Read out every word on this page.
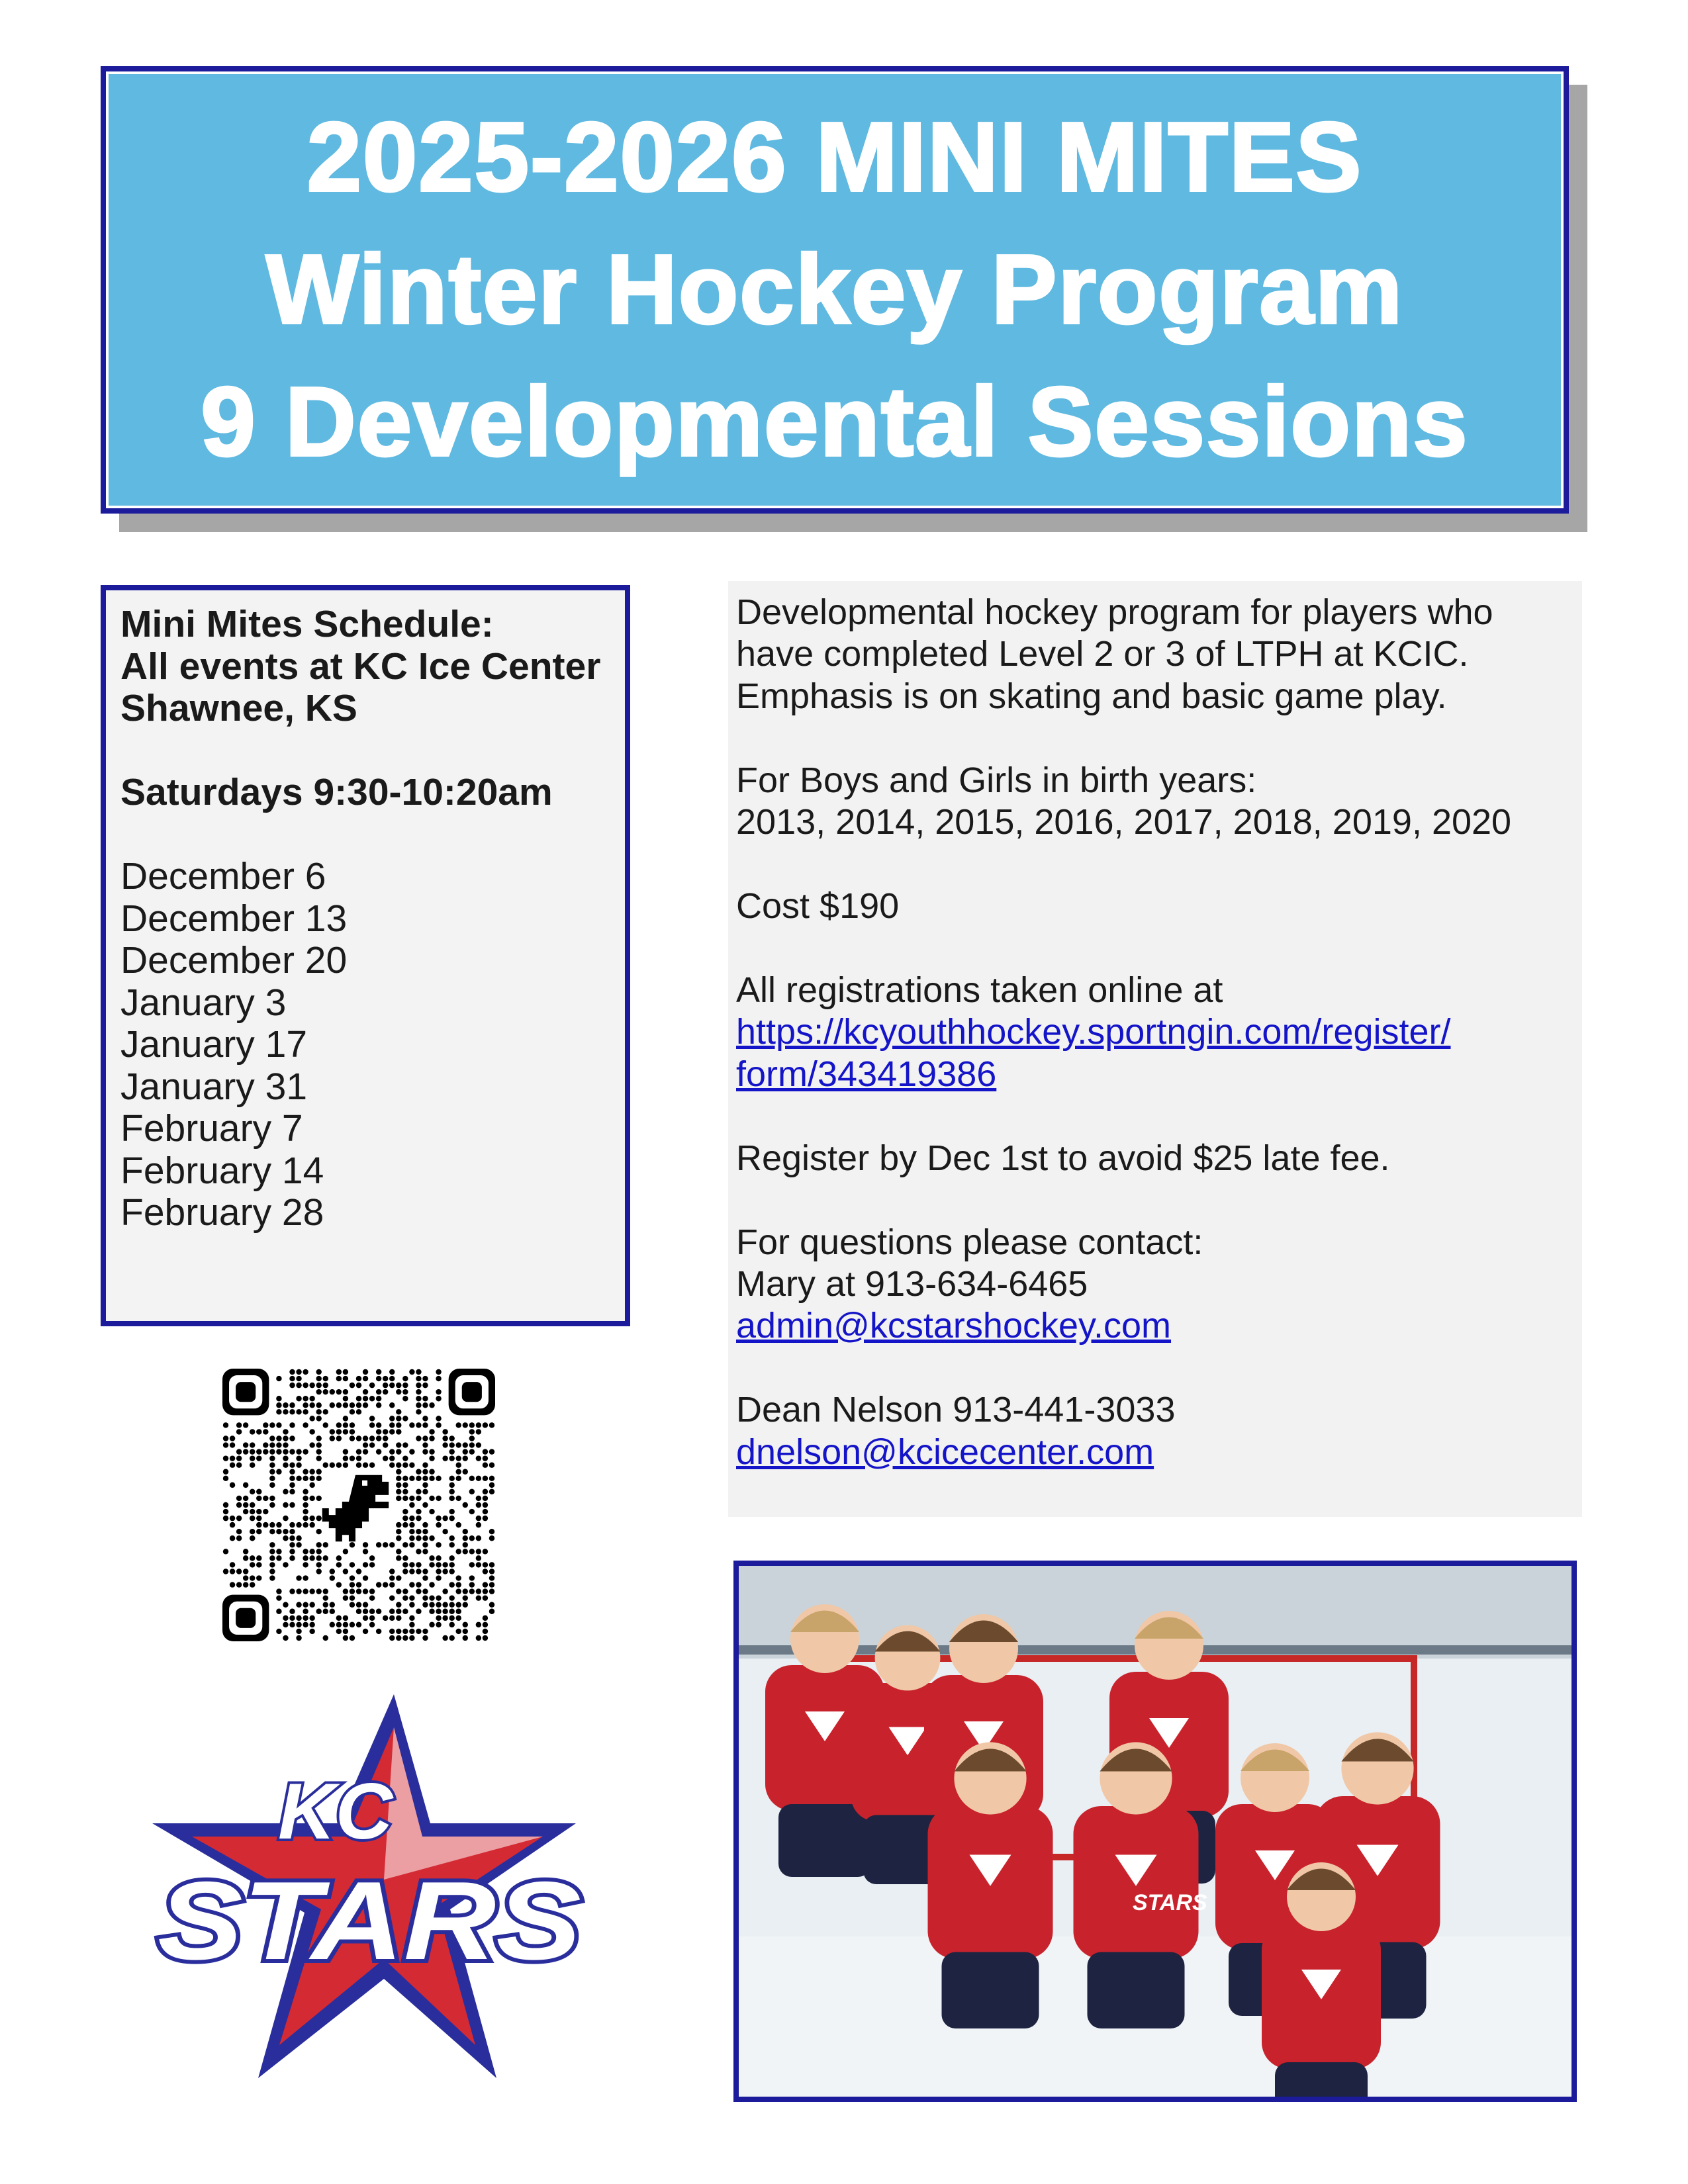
2025-2026 MINI MITES
Winter Hockey Program
9 Developmental Sessions
Mini Mites Schedule:
All events at KC Ice Center
Shawnee, KS
Saturdays 9:30-10:20am
December 6
December 13
December 20
January 3
January 17
January 31
February 7
February 14
February 28
Developmental hockey program for players who
have completed Level 2 or 3 of LTPH at KCIC.
Emphasis is on skating and basic game play.
For Boys and Girls in birth years:
2013, 2014, 2015, 2016, 2017, 2018, 2019, 2020
Cost $190
All registrations taken online at
https://kcyouthhockey.sportngin.com/register/
form/343419386
Register by Dec 1st to avoid $25 late fee.
For questions please contact:
Mary at 913-634-6465
admin@kcstarshockey.com
Dean Nelson 913-441-3033
dnelson@kcicecenter.com
KC
STARS	STARS
